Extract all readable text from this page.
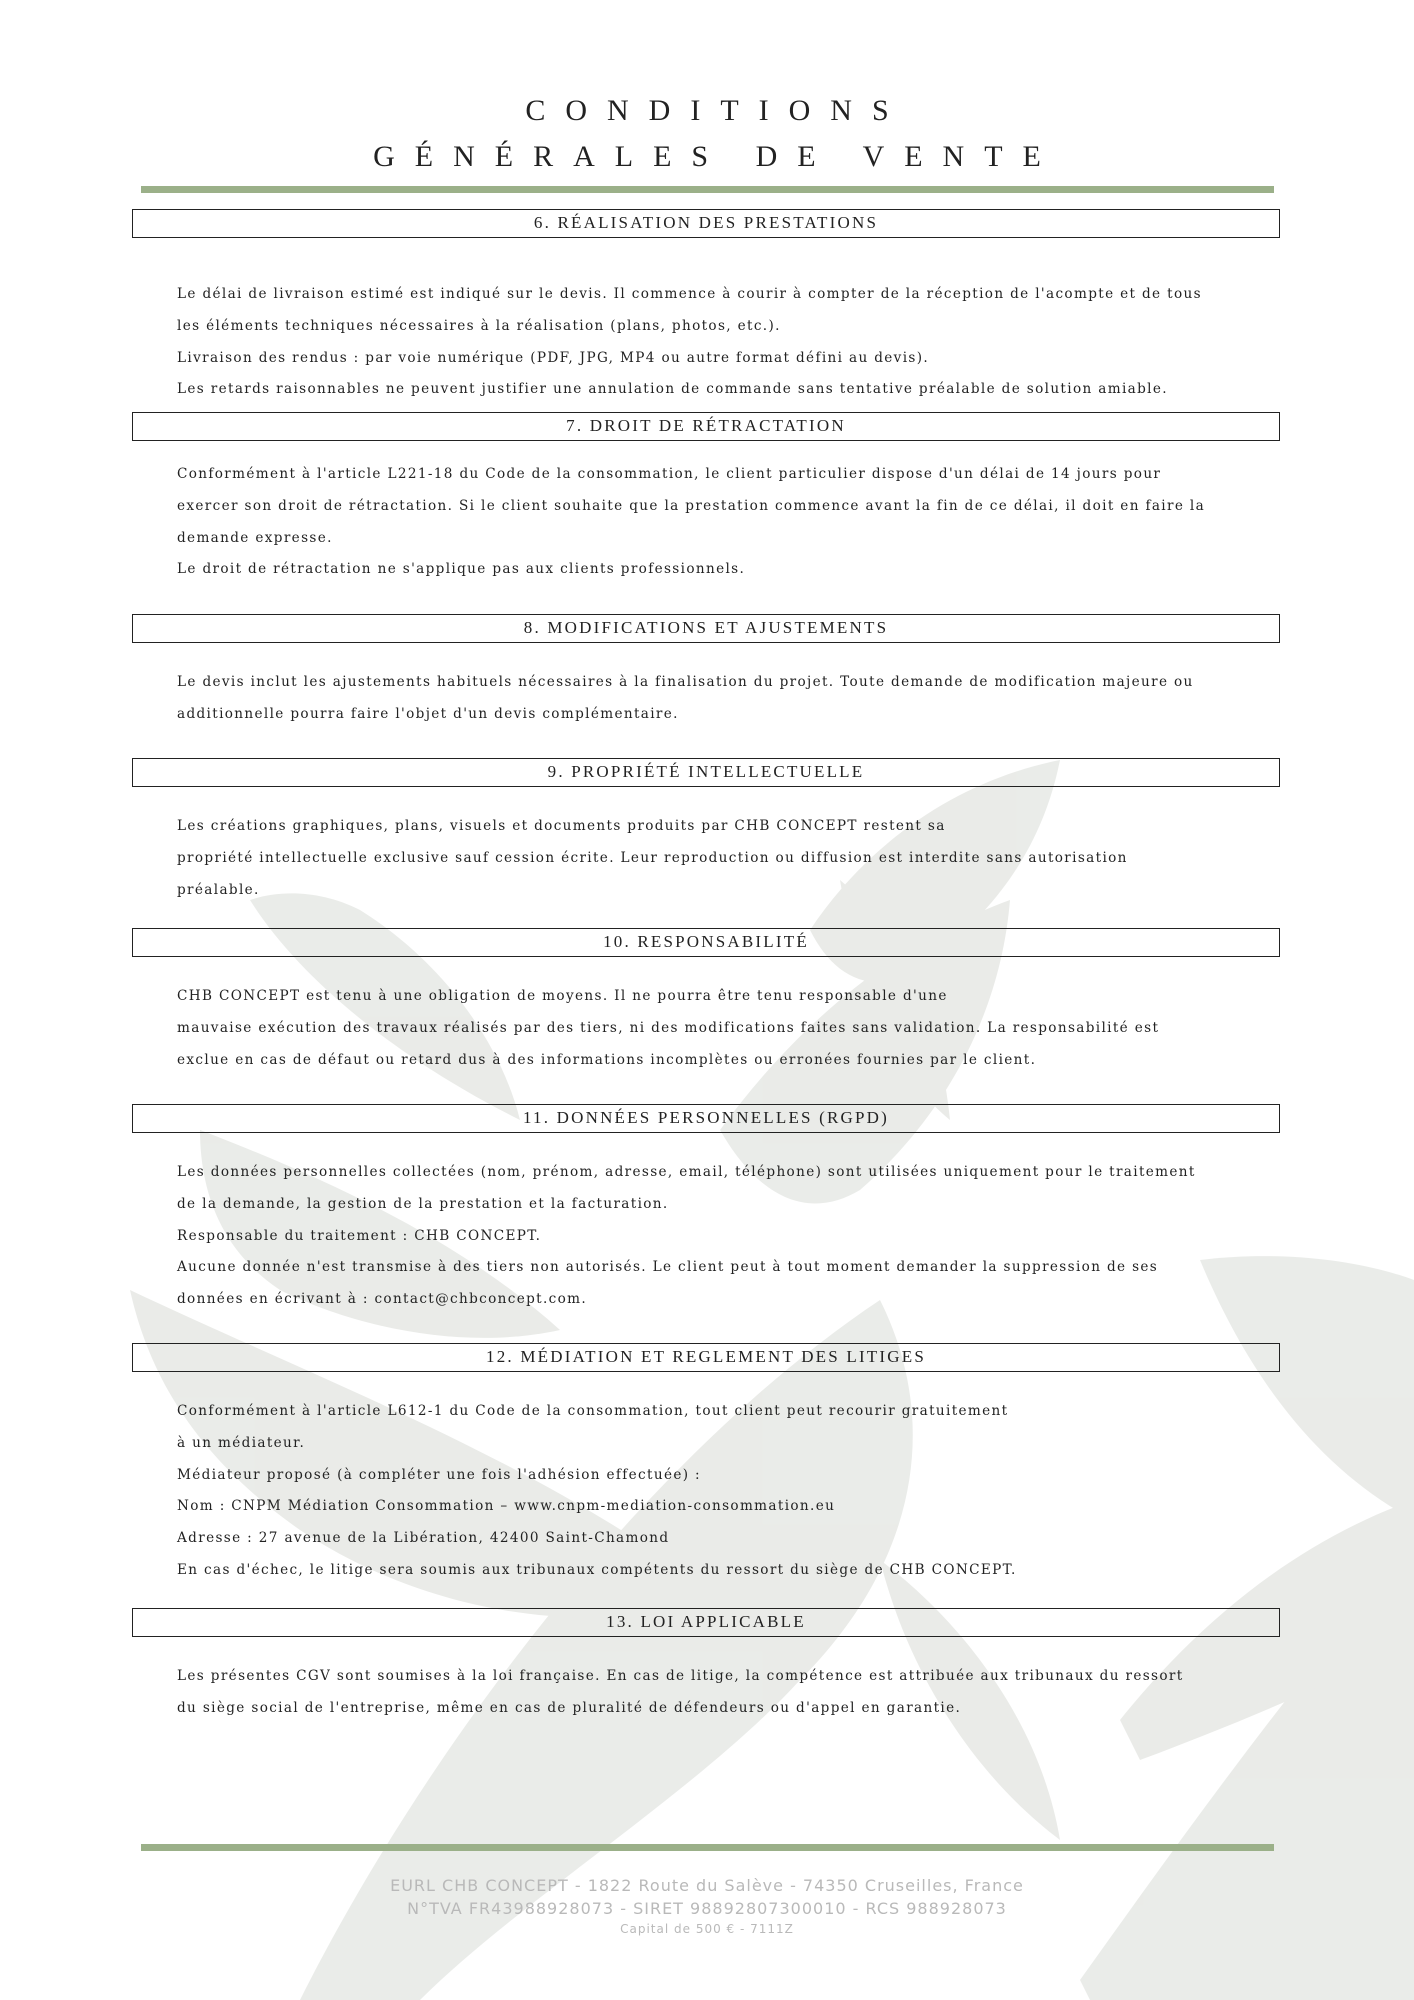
CONDITIONS
GÉNÉRALES DE VENTE
6. RÉALISATION DES PRESTATIONS

Le délai de livraison estimé est indiqué sur le devis. Il commence à courir à compter de la réception de l'acompte et de tous

les éléments techniques nécessaires à la réalisation (plans, photos, etc.).

Livraison des rendus : par voie numérique (PDF, JPG, MP4 ou autre format défini au devis).

Les retards raisonnables ne peuvent justifier une annulation de commande sans tentative préalable de solution amiable.

7. DROIT DE RÉTRACTATION

Conformément à l'article L221-18 du Code de la consommation, le client particulier dispose d'un délai de 14 jours pour

exercer son droit de rétractation. Si le client souhaite que la prestation commence avant la fin de ce délai, il doit en faire la

demande expresse.

Le droit de rétractation ne s'applique pas aux clients professionnels.

8. MODIFICATIONS ET AJUSTEMENTS

Le devis inclut les ajustements habituels nécessaires à la finalisation du projet. Toute demande de modification majeure ou

additionnelle pourra faire l'objet d'un devis complémentaire.

9. PROPRIÉTÉ INTELLECTUELLE

Les créations graphiques, plans, visuels et documents produits par CHB CONCEPT restent sa

propriété intellectuelle exclusive sauf cession écrite. Leur reproduction ou diffusion est interdite sans autorisation

préalable.

10. RESPONSABILITÉ

CHB CONCEPT est tenu à une obligation de moyens. Il ne pourra être tenu responsable d'une

mauvaise exécution des travaux réalisés par des tiers, ni des modifications faites sans validation. La responsabilité est

exclue en cas de défaut ou retard dus à des informations incomplètes ou erronées fournies par le client.

11. DONNÉES PERSONNELLES (RGPD)

Les données personnelles collectées (nom, prénom, adresse, email, téléphone) sont utilisées uniquement pour le traitement

de la demande, la gestion de la prestation et la facturation.

Responsable du traitement : CHB CONCEPT.

Aucune donnée n'est transmise à des tiers non autorisés. Le client peut à tout moment demander la suppression de ses

données en écrivant à : contact@chbconcept.com.

12. MÉDIATION ET REGLEMENT DES LITIGES

Conformément à l'article L612-1 du Code de la consommation, tout client peut recourir gratuitement

à un médiateur.

Médiateur proposé (à compléter une fois l'adhésion effectuée) :

Nom : CNPM Médiation Consommation – www.cnpm-mediation-consommation.eu

Adresse : 27 avenue de la Libération, 42400 Saint-Chamond

En cas d'échec, le litige sera soumis aux tribunaux compétents du ressort du siège de CHB CONCEPT.

13. LOI APPLICABLE

Les présentes CGV sont soumises à la loi française. En cas de litige, la compétence est attribuée aux tribunaux du ressort

du siège social de l'entreprise, même en cas de pluralité de défendeurs ou d'appel en garantie.

EURL CHB CONCEPT - 1822 Route du Salève - 74350 Cruseilles, France
N°TVA FR43988928073 - SIRET 98892807300010 - RCS 988928073
Capital de 500 € - 7111Z
